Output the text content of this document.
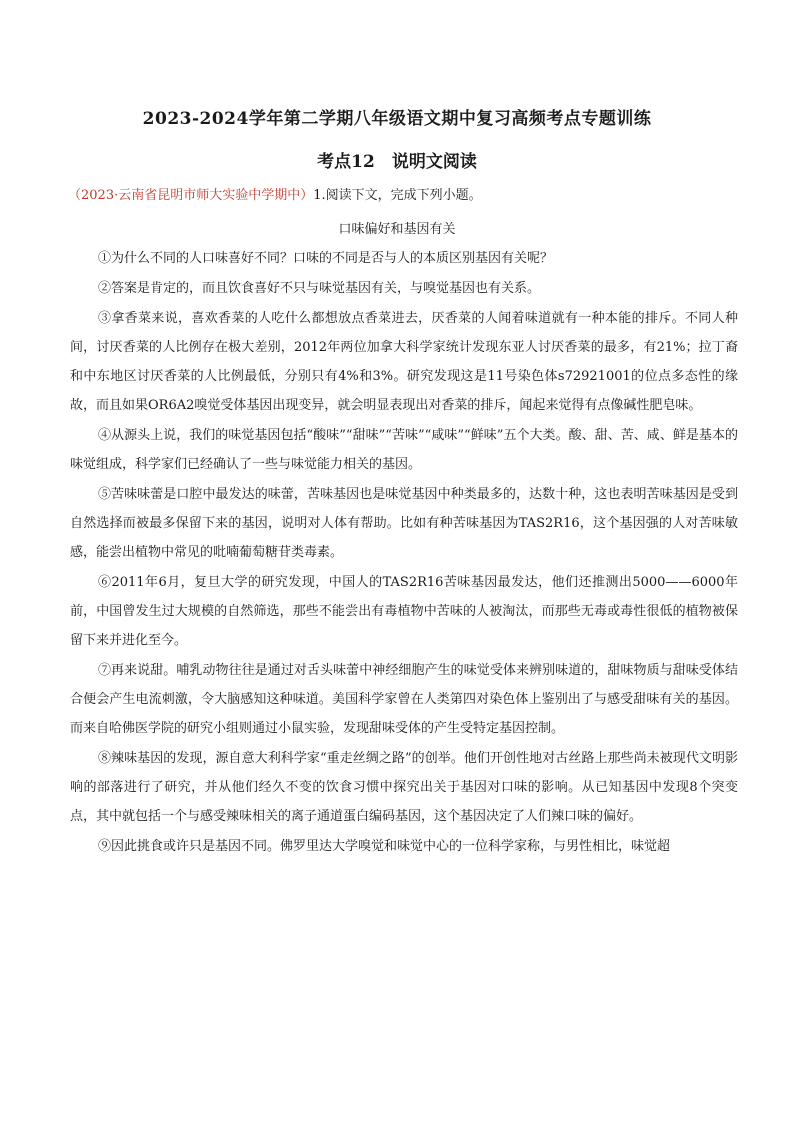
2023-2024学年第二学期八年级语文期中复习高频考点专题训练
考点12　说明文阅读
（2023·云南省昆明市师大实验中学期中）1.阅读下文，完成下列小题。
口味偏好和基因有关

①为什么不同的人口味喜好不同？口味的不同是否与人的本质区别基因有关呢？

②答案是肯定的，而且饮食喜好不只与味觉基因有关，与嗅觉基因也有关系。

③拿香菜来说，喜欢香菜的人吃什么都想放点香菜进去，厌香菜的人闻着味道就有一种本能的排斥。不同人种间，讨厌香菜的人比例存在极大差别，2012年两位加拿大科学家统计发现东亚人讨厌香菜的最多，有21%；拉丁裔和中东地区讨厌香菜的人比例最低，分别只有4%和3%。研究发现这是11号染色体s72921001的位点多态性的缘故，而且如果OR6A2嗅觉受体基因出现变异，就会明显表现出对香菜的排斥，闻起来觉得有点像碱性肥皂味。

④从源头上说，我们的味觉基因包括“酸味”“甜味”“苦味”“咸味”“鲜味”五个大类。酸、甜、苦、咸、鲜是基本的味觉组成，科学家们已经确认了一些与味觉能力相关的基因。

⑤苦味味蕾是口腔中最发达的味蕾，苦味基因也是味觉基因中种类最多的，达数十种，这也表明苦味基因是受到自然选择而被最多保留下来的基因，说明对人体有帮助。比如有种苦味基因为TAS2R16，这个基因强的人对苦味敏感，能尝出植物中常见的吡喃葡萄糖苷类毒素。

⑥2011年6月，复旦大学的研究发现，中国人的TAS2R16苦味基因最发达，他们还推测出5000——6000年前，中国曾发生过大规模的自然筛选，那些不能尝出有毒植物中苦味的人被淘汰，而那些无毒或毒性很低的植物被保留下来并进化至今。

⑦再来说甜。哺乳动物往往是通过对舌头味蕾中神经细胞产生的味觉受体来辨别味道的，甜味物质与甜味受体结合便会产生电流刺激，令大脑感知这种味道。美国科学家曾在人类第四对染色体上鉴别出了与感受甜味有关的基因。而来自哈佛医学院的研究小组则通过小鼠实验，发现甜味受体的产生受特定基因控制。

⑧辣味基因的发现，源自意大利科学家“重走丝绸之路”的创举。他们开创性地对古丝路上那些尚未被现代文明影响的部落进行了研究，并从他们经久不变的饮食习惯中探究出关于基因对口味的影响。从已知基因中发现8个突变点，其中就包括一个与感受辣味相关的离子通道蛋白编码基因，这个基因决定了人们辣口味的偏好。

⑨因此挑食或许只是基因不同。佛罗里达大学嗅觉和味觉中心的一位科学家称，与男性相比，味觉超
